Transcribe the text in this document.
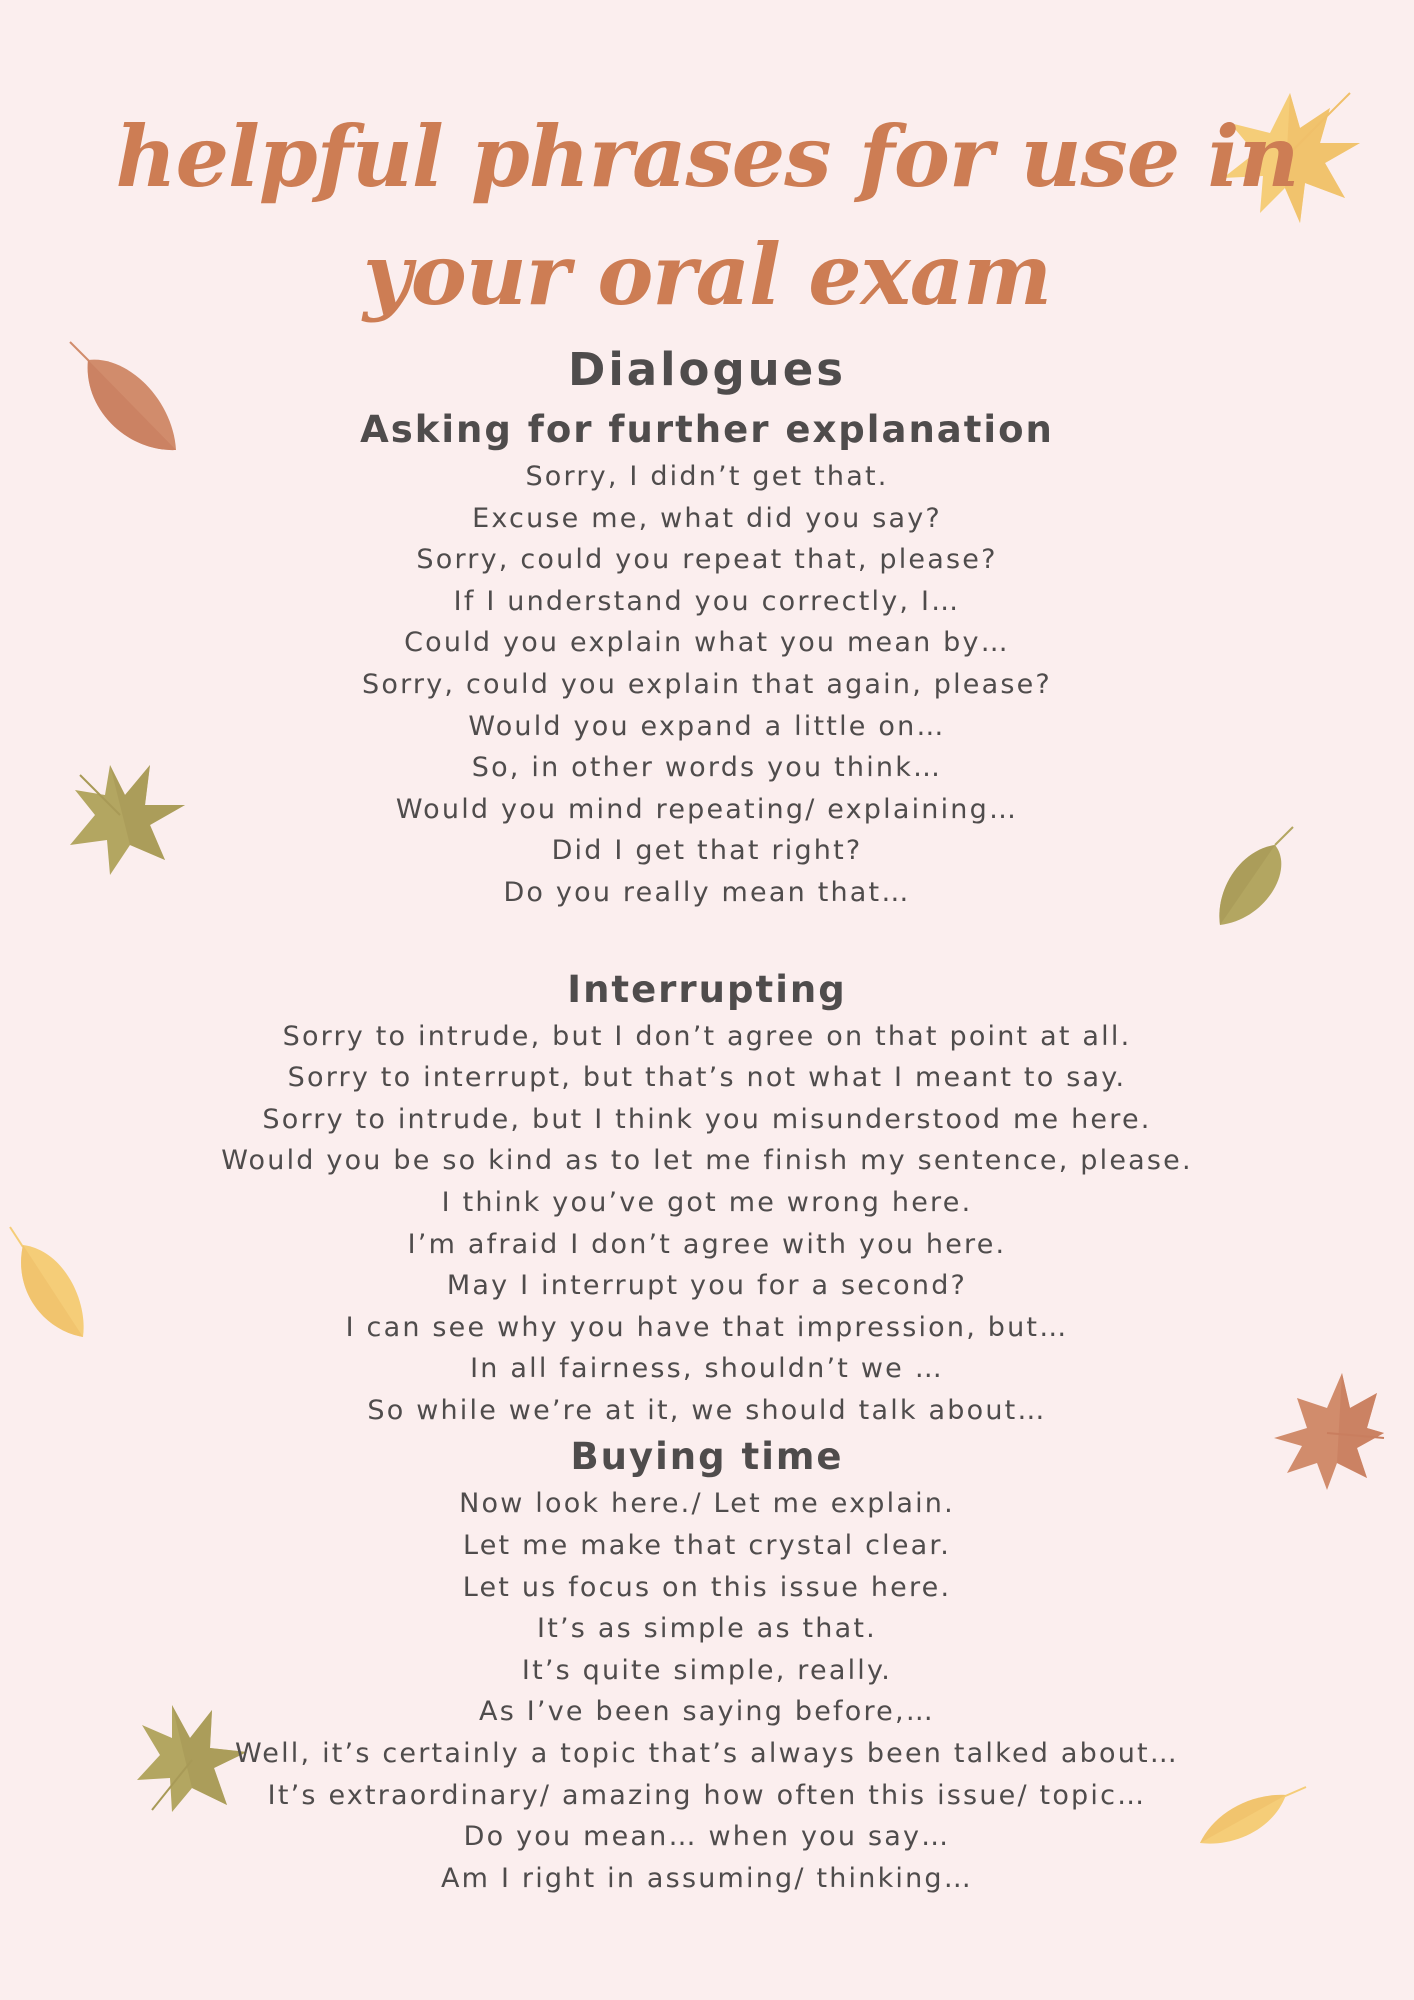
helpful phrases for use in
your oral exam
Dialogues
Asking for further explanation
Sorry, I didn’t get that.
Excuse me, what did you say?
Sorry, could you repeat that, please?
If I understand you correctly, I…
Could you explain what you mean by…
Sorry, could you explain that again, please?
Would you expand a little on…
So, in other words you think…
Would you mind repeating/ explaining…
Did I get that right?
Do you really mean that…
Interrupting
Sorry to intrude, but I don’t agree on that point at all.
Sorry to interrupt, but that’s not what I meant to say.
Sorry to intrude, but I think you misunderstood me here.
Would you be so kind as to let me finish my sentence, please.
I think you’ve got me wrong here.
I’m afraid I don’t agree with you here.
May I interrupt you for a second?
I can see why you have that impression, but…
In all fairness, shouldn’t we …
So while we’re at it, we should talk about…
Buying time
Now look here./ Let me explain.
Let me make that crystal clear.
Let us focus on this issue here.
It’s as simple as that.
It’s quite simple, really.
As I’ve been saying before,…
Well, it’s certainly a topic that’s always been talked about…
It’s extraordinary/ amazing how often this issue/ topic…
Do you mean… when you say…
Am I right in assuming/ thinking…
